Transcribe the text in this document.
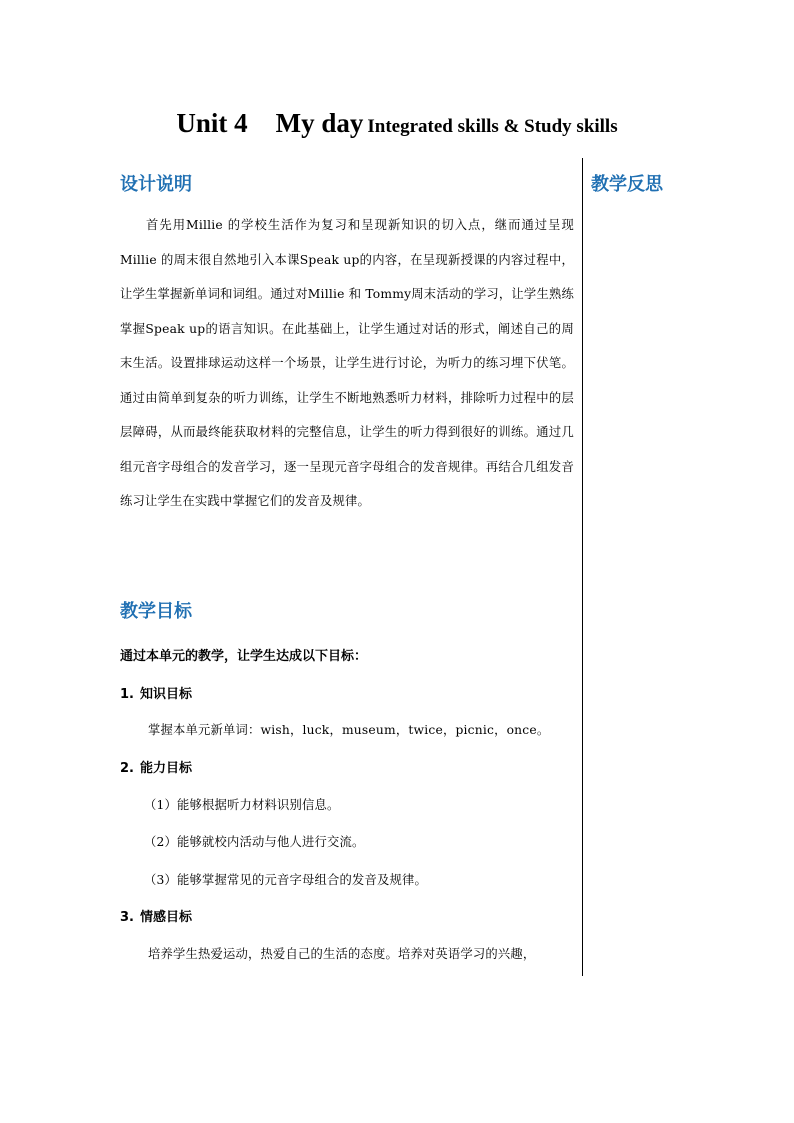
Unit 4 My day Integrated skills & Study skills
教学反思
设计说明
首先用Millie 的学校生活作为复习和呈现新知识的切入点，继而通过呈现Millie 的周末很自然地引入本课Speak up的内容，在呈现新授课的内容过程中，让学生掌握新单词和词组。通过对Millie 和 Tommy周末活动的学习，让学生熟练掌握Speak up的语言知识。在此基础上，让学生通过对话的形式，阐述自己的周末生活。设置排球运动这样一个场景，让学生进行讨论，为听力的练习埋下伏笔。通过由简单到复杂的听力训练，让学生不断地熟悉听力材料，排除听力过程中的层层障碍，从而最终能获取材料的完整信息，让学生的听力得到很好的训练。通过几组元音字母组合的发音学习，逐一呈现元音字母组合的发音规律。再结合几组发音练习让学生在实践中掌握它们的发音及规律。
教学目标
通过本单元的教学，让学生达成以下目标：
1. 知识目标
掌握本单元新单词：wish，luck，museum，twice，picnic，once。
2. 能力目标
（1）能够根据听力材料识别信息。
（2）能够就校内活动与他人进行交流。
（3）能够掌握常见的元音字母组合的发音及规律。
3. 情感目标
培养学生热爱运动，热爱自己的生活的态度。培养对英语学习的兴趣，
